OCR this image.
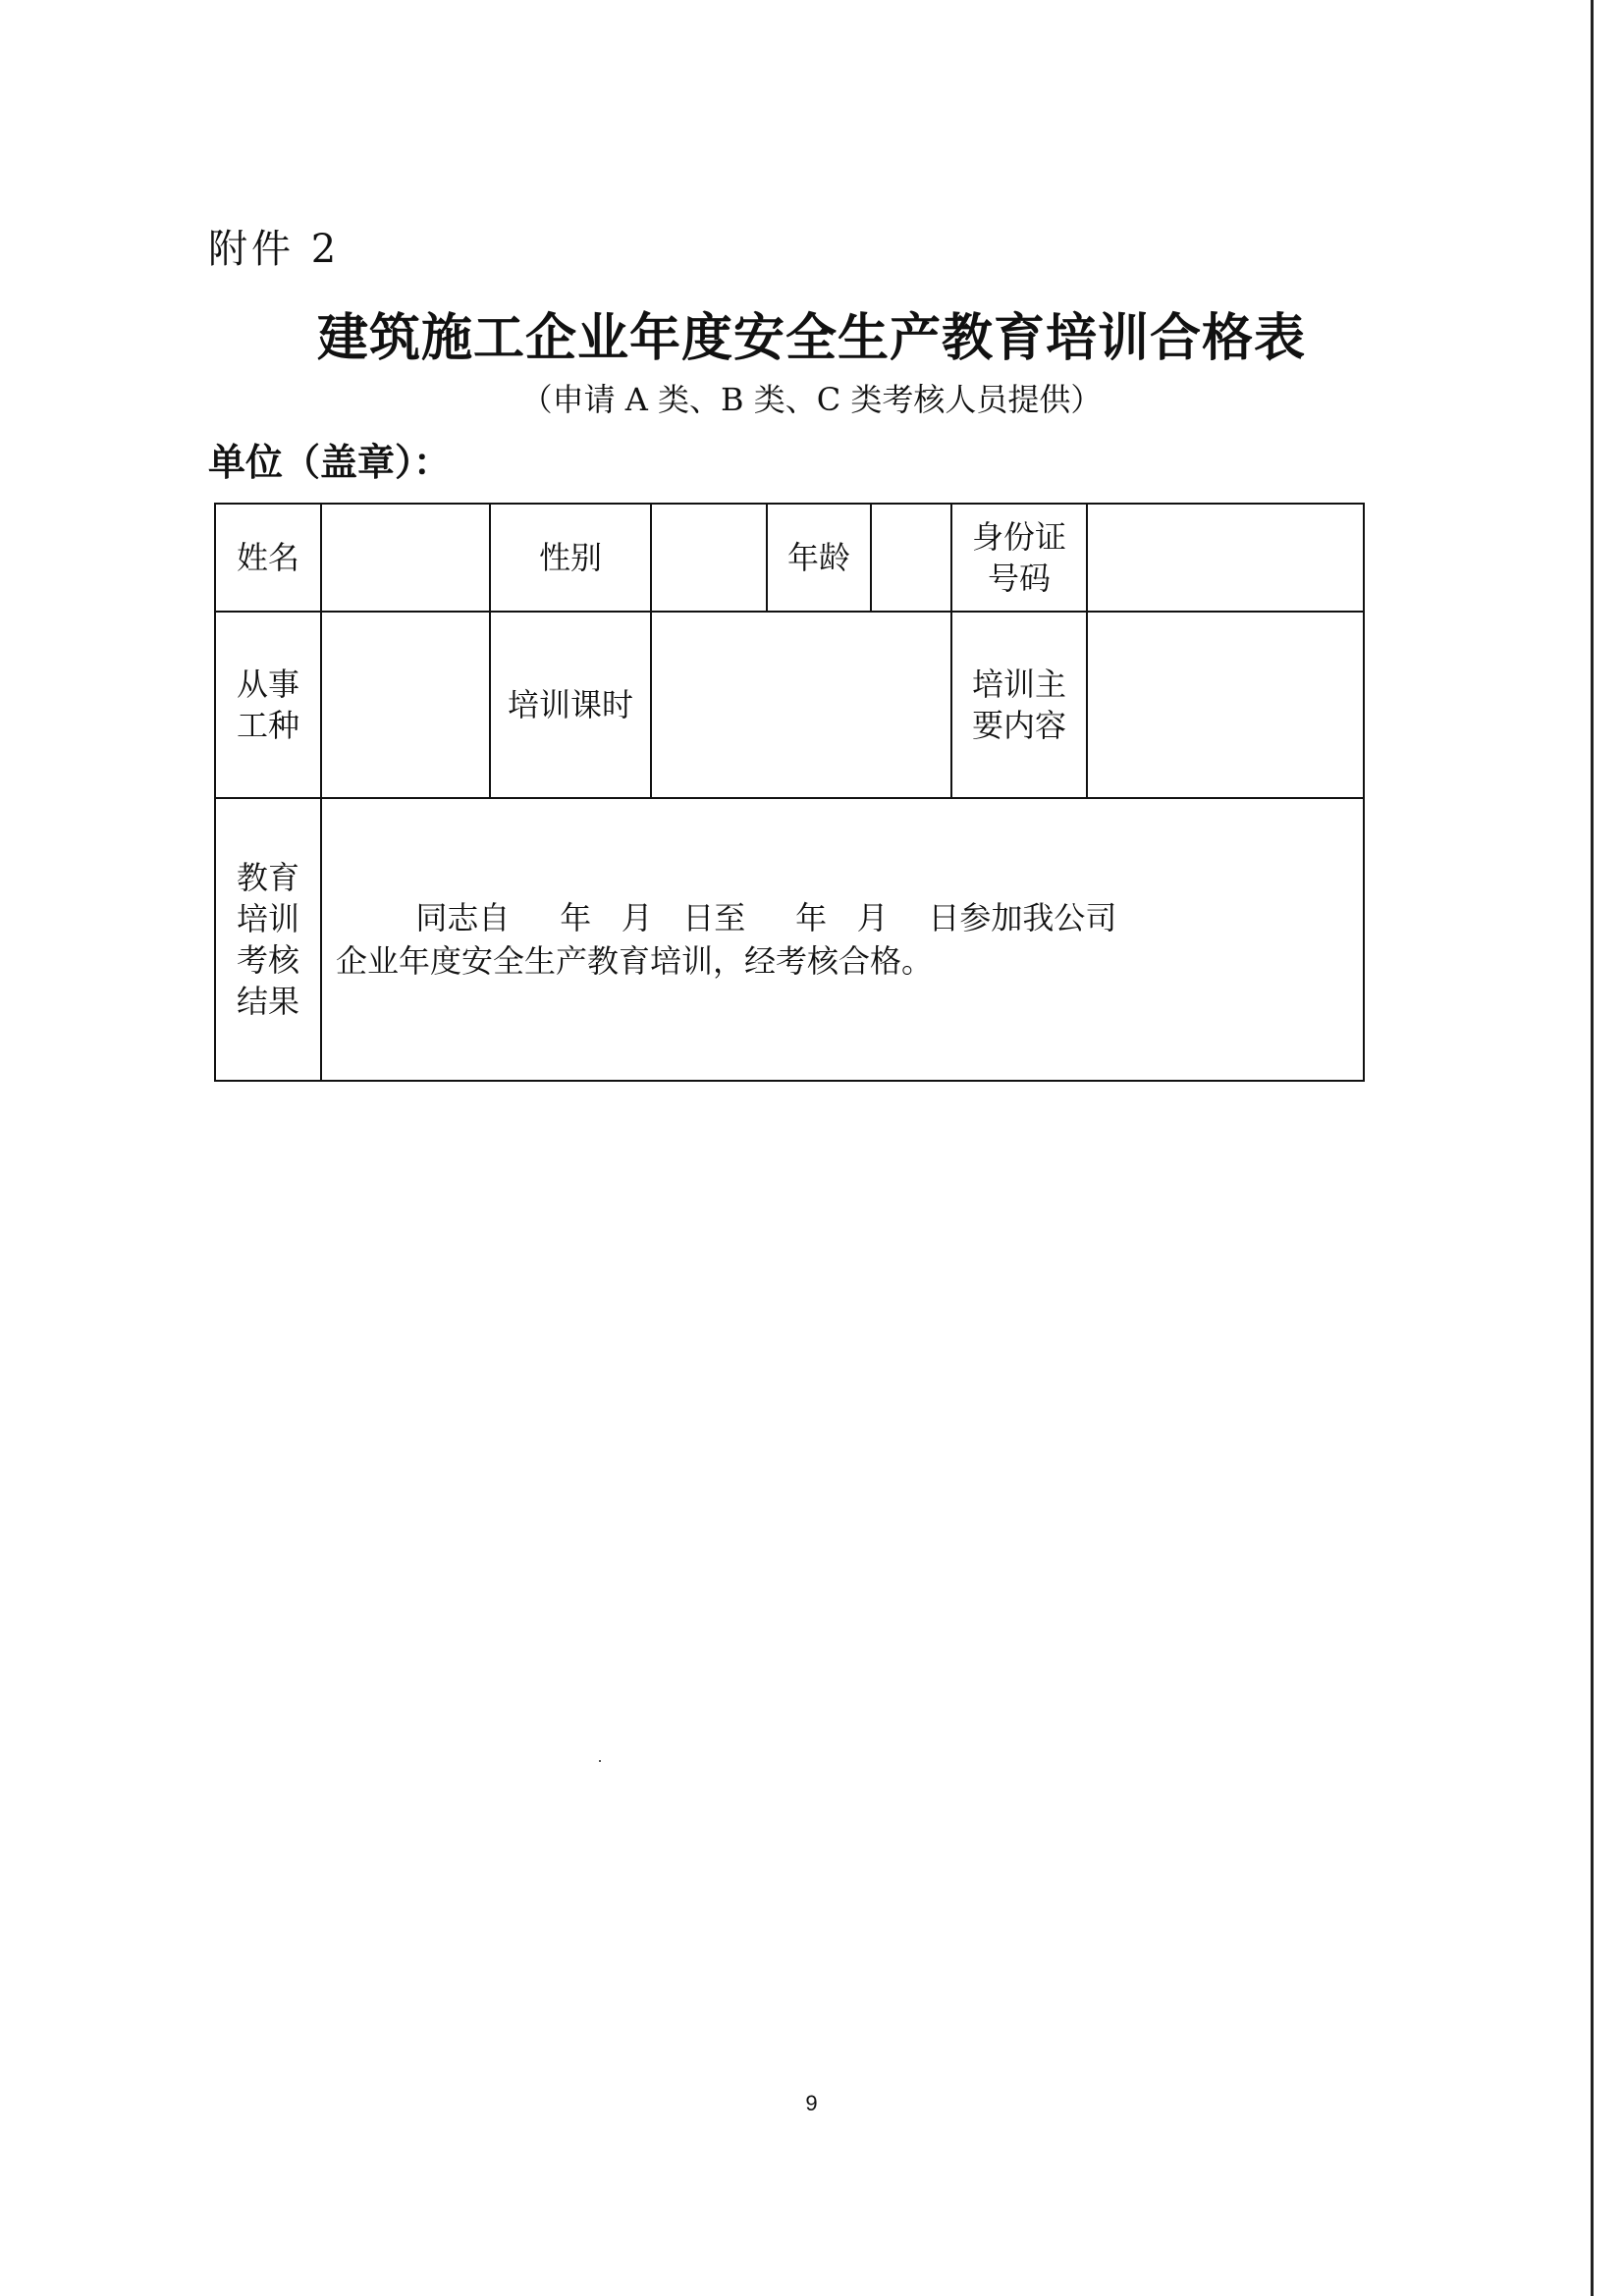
附件 2
建筑施工企业年度安全生产教育培训合格表
（申请 A 类、B 类、C 类考核人员提供）
单位（盖章）：
姓名		性别		年龄		身份证
号码	

从事
工种		培训课时				培训主
要内容	

教育
培训
考核
结果	同志自     年   月   日至     年   月    日参加我公司
企业年度安全生产教育培训，经考核合格。						
9
